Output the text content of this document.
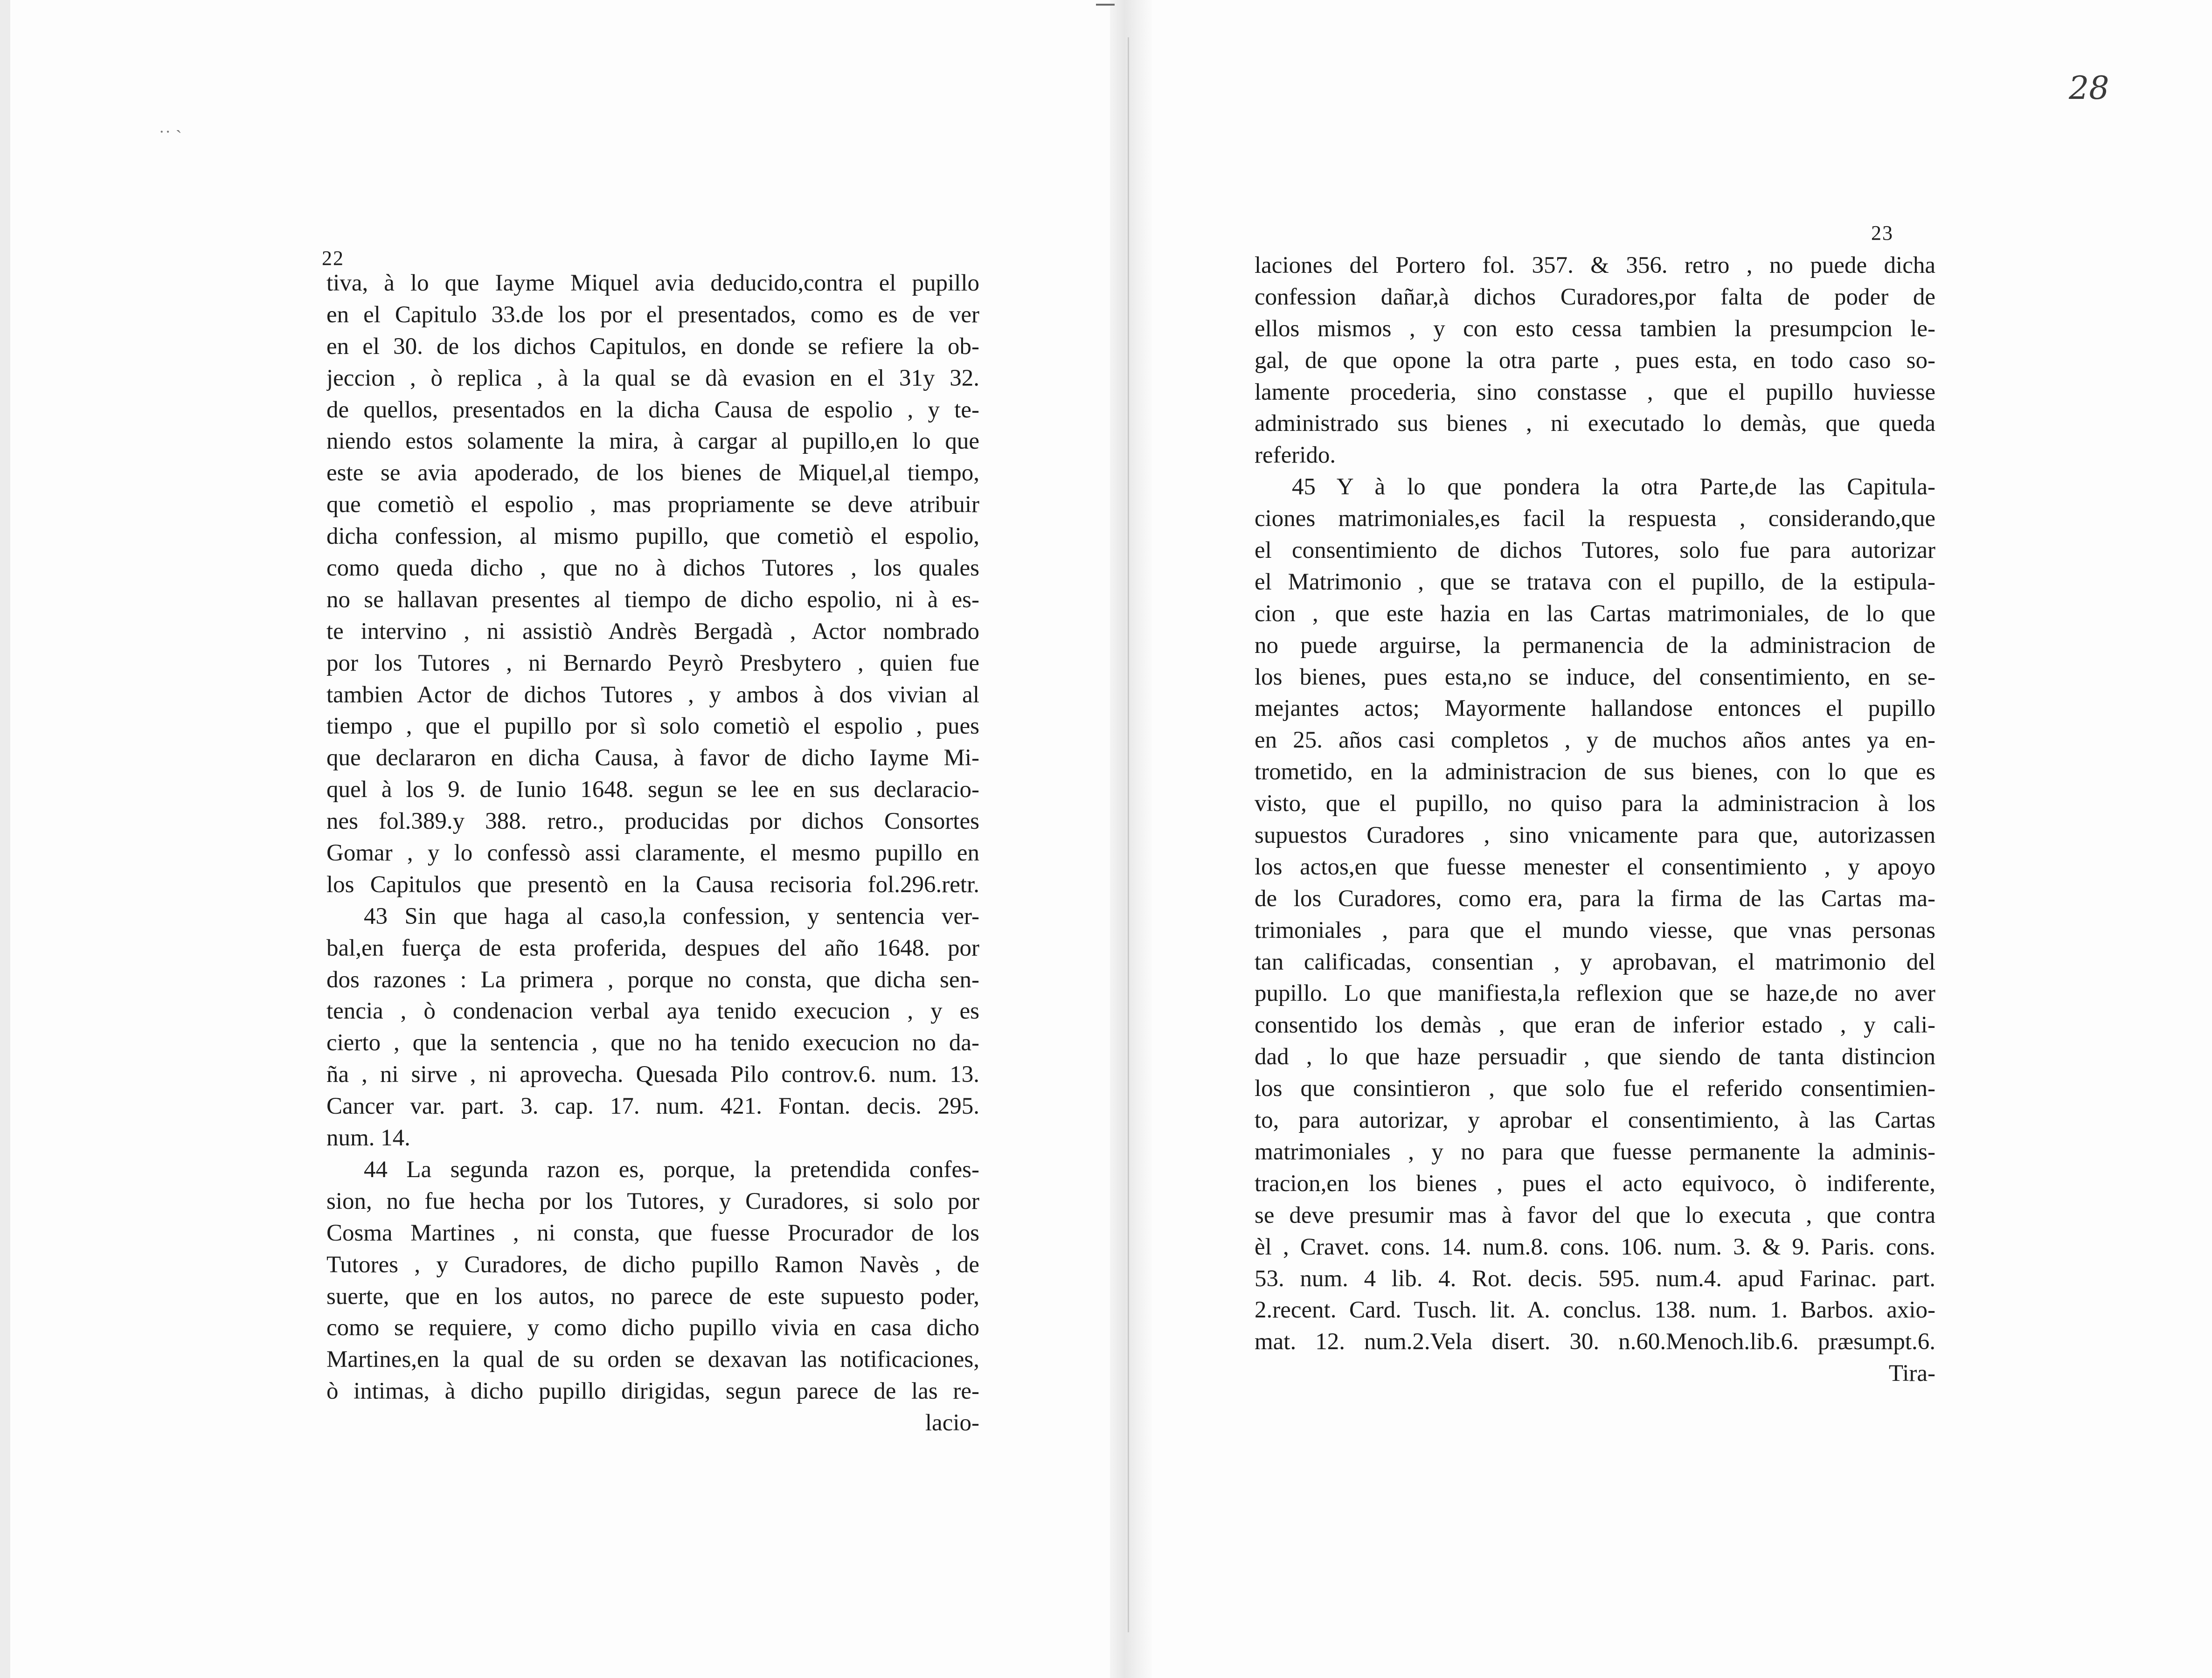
˙˙ ˋ
22
tiva, à lo que Iayme Miquel avia deducido,contra el pupillo
en el Capitulo 33.de los por el presentados, como es de ver
en el 30. de los dichos Capitulos, en donde se refiere la ob-
jeccion , ò replica , à la qual se dà evasion en el 31y 32.
de quellos, presentados en la dicha Causa de espolio , y te-
niendo estos solamente la mira, à cargar al pupillo,en lo que
este se avia apoderado, de los bienes de Miquel,al tiempo,
que cometiò el espolio , mas propriamente se deve atribuir
dicha confession, al mismo pupillo, que cometiò el espolio,
como queda dicho , que no à dichos Tutores , los quales
no se hallavan presentes al tiempo de dicho espolio, ni à es-
te intervino , ni assistiò Andrès Bergadà , Actor nombrado
por los Tutores , ni Bernardo Peyrò Presbytero , quien fue
tambien Actor de dichos Tutores , y ambos à dos vivian al
tiempo , que el pupillo por sì solo cometiò el espolio , pues
que declararon en dicha Causa, à favor de dicho Iayme Mi-
quel à los 9. de Iunio 1648. segun se lee en sus declaracio-
nes fol.389.y 388. retro., producidas por dichos Consortes
Gomar , y lo confessò assi claramente, el mesmo pupillo en
los Capitulos que presentò en la Causa recisoria fol.296.retr.
43 Sin que haga al caso,la confession, y sentencia ver-
bal,en fuerça de esta proferida, despues del año 1648. por
dos razones : La primera , porque no consta, que dicha sen-
tencia , ò condenacion verbal aya tenido execucion , y es
cierto , que la sentencia , que no ha tenido execucion no da-
ña , ni sirve , ni aprovecha. Quesada Pilo controv.6. num. 13.
Cancer var. part. 3. cap. 17. num. 421. Fontan. decis. 295.
num. 14.
44 La segunda razon es, porque, la pretendida confes-
sion, no fue hecha por los Tutores, y Curadores, si solo por
Cosma Martines , ni consta, que fuesse Procurador de los
Tutores , y Curadores, de dicho pupillo Ramon Navès , de
suerte, que en los autos, no parece de este supuesto poder,
como se requiere, y como dicho pupillo vivia en casa dicho
Martines,en la qual de su orden se dexavan las notificaciones,
ò intimas, à dicho pupillo dirigidas, segun parece de las re-
lacio-
23
28
laciones del Portero fol. 357. & 356. retro , no puede dicha
confession dañar,à dichos Curadores,por falta de poder de
ellos mismos , y con esto cessa tambien la presumpcion le-
gal, de que opone la otra parte , pues esta, en todo caso so-
lamente procederia, sino constasse , que el pupillo huviesse
administrado sus bienes , ni executado lo demàs, que queda
referido.
45 Y à lo que pondera la otra Parte,de las Capitula-
ciones matrimoniales,es facil la respuesta , considerando,que
el consentimiento de dichos Tutores, solo fue para autorizar
el Matrimonio , que se tratava con el pupillo, de la estipula-
cion , que este hazia en las Cartas matrimoniales, de lo que
no puede arguirse, la permanencia de la administracion de
los bienes, pues esta,no se induce, del consentimiento, en se-
mejantes actos; Mayormente hallandose entonces el pupillo
en 25. años casi completos , y de muchos años antes ya en-
trometido, en la administracion de sus bienes, con lo que es
visto, que el pupillo, no quiso para la administracion à los
supuestos Curadores , sino vnicamente para que, autorizassen
los actos,en que fuesse menester el consentimiento , y apoyo
de los Curadores, como era, para la firma de las Cartas ma-
trimoniales , para que el mundo viesse, que vnas personas
tan calificadas, consentian , y aprobavan, el matrimonio del
pupillo. Lo que manifiesta,la reflexion que se haze,de no aver
consentido los demàs , que eran de inferior estado , y cali-
dad , lo que haze persuadir , que siendo de tanta distincion
los que consintieron , que solo fue el referido consentimien-
to, para autorizar, y aprobar el consentimiento, à las Cartas
matrimoniales , y no para que fuesse permanente la adminis-
tracion,en los bienes , pues el acto equivoco, ò indiferente,
se deve presumir mas à favor del que lo executa , que contra
èl , Cravet. cons. 14. num.8. cons. 106. num. 3. & 9. Paris. cons.
53. num. 4 lib. 4. Rot. decis. 595. num.4. apud Farinac. part.
2.recent. Card. Tusch. lit. A. conclus. 138. num. 1. Barbos. axio-
mat. 12. num.2.Vela disert. 30. n.60.Menoch.lib.6. præsumpt.6.
Tira-
